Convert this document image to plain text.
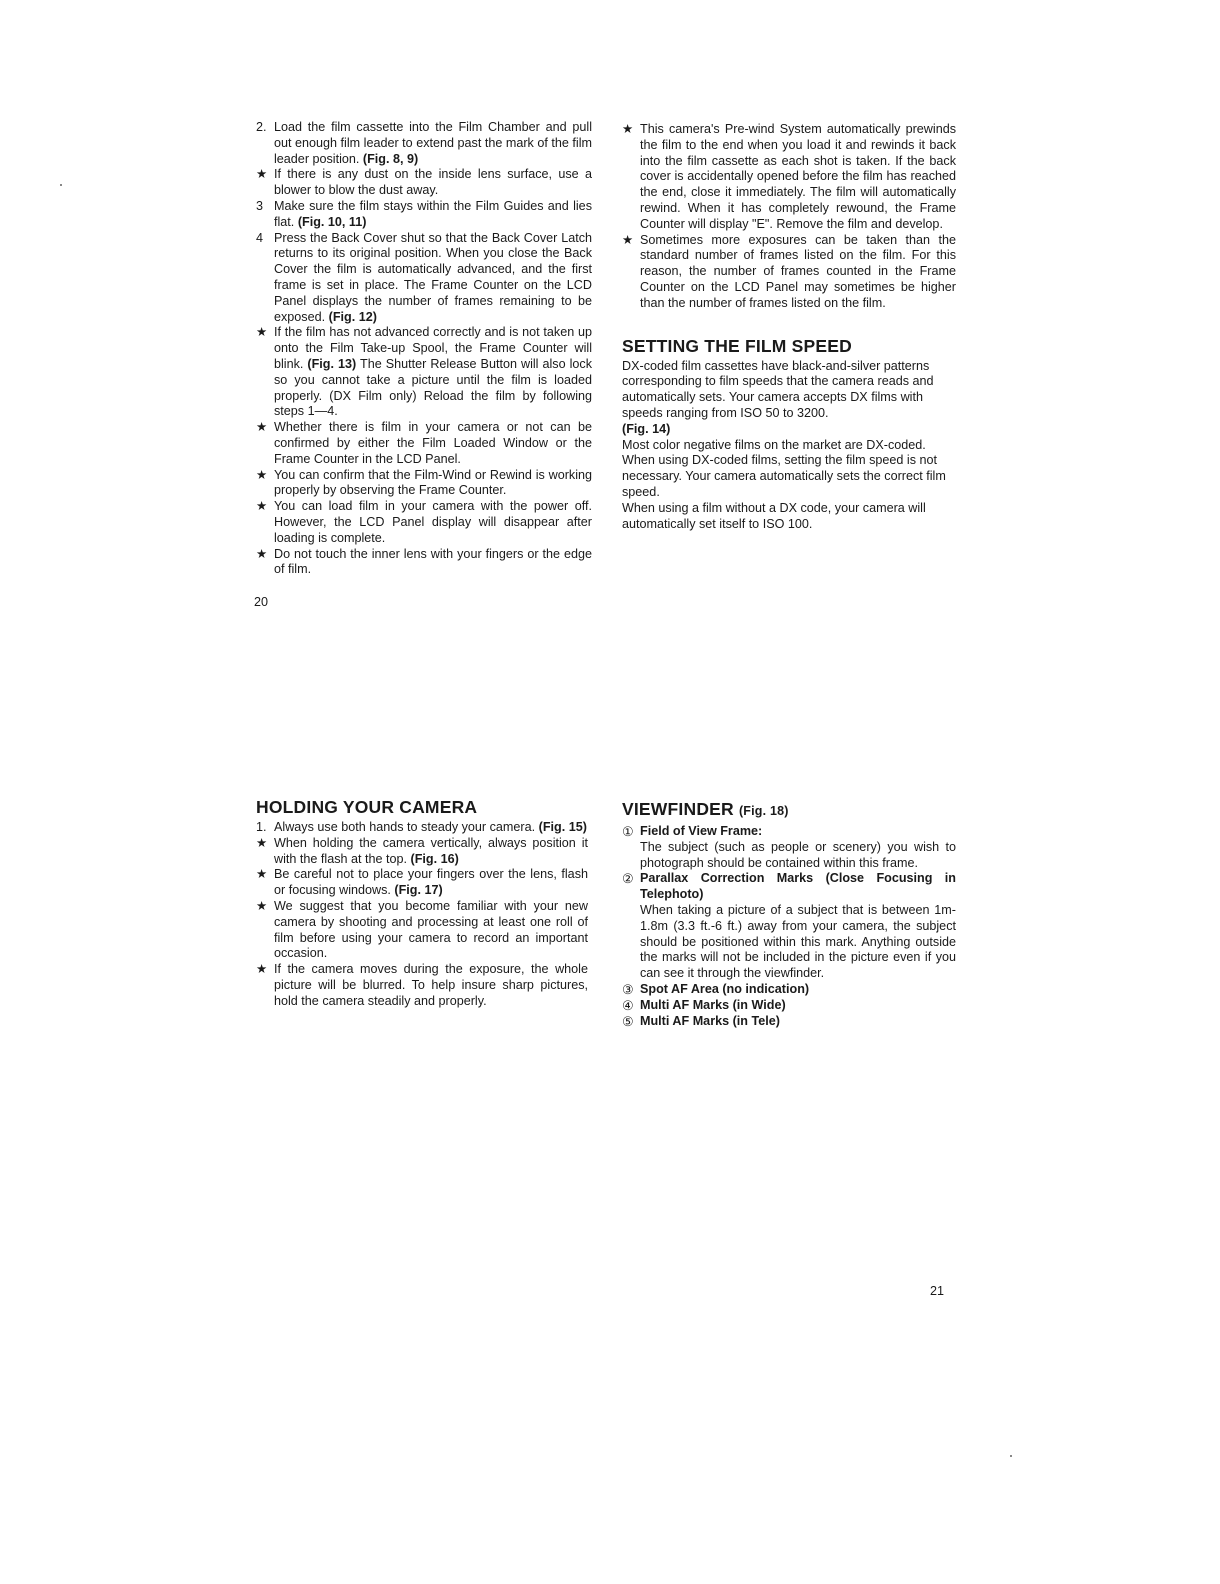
2. Load the film cassette into the Film Chamber and pull out enough film leader to extend past the mark of the film leader position. (Fig. 8, 9)
★ If there is any dust on the inside lens surface, use a blower to blow the dust away.
3 Make sure the film stays within the Film Guides and lies flat. (Fig. 10, 11)
4 Press the Back Cover shut so that the Back Cover Latch returns to its original position. When you close the Back Cover the film is automatically advanced, and the first frame is set in place. The Frame Counter on the LCD Panel displays the number of frames remaining to be exposed. (Fig. 12)
★ If the film has not advanced correctly and is not taken up onto the Film Take-up Spool, the Frame Counter will blink. (Fig. 13) The Shutter Release Button will also lock so you cannot take a picture until the film is loaded properly. (DX Film only) Reload the film by following steps 1—4.
★ Whether there is film in your camera or not can be confirmed by either the Film Loaded Window or the Frame Counter in the LCD Panel.
★ You can confirm that the Film-Wind or Rewind is working properly by observing the Frame Counter.
★ You can load film in your camera with the power off. However, the LCD Panel display will disappear after loading is complete.
★ Do not touch the inner lens with your fingers or the edge of film.
20
★ This camera's Pre-wind System automatically prewinds the film to the end when you load it and rewinds it back into the film cassette as each shot is taken. If the back cover is accidentally opened before the film has reached the end, close it immediately. The film will automatically rewind. When it has completely rewound, the Frame Counter will display "E". Remove the film and develop.
★ Sometimes more exposures can be taken than the standard number of frames listed on the film. For this reason, the number of frames counted in the Frame Counter on the LCD Panel may sometimes be higher than the number of frames listed on the film.
SETTING THE FILM SPEED
DX-coded film cassettes have black-and-silver patterns corresponding to film speeds that the camera reads and automatically sets. Your camera accepts DX films with speeds ranging from ISO 50 to 3200.
(Fig. 14)
Most color negative films on the market are DX-coded. When using DX-coded films, setting the film speed is not necessary. Your camera automatically sets the correct film speed.
When using a film without a DX code, your camera will automatically set itself to ISO 100.
HOLDING YOUR CAMERA
1. Always use both hands to steady your camera. (Fig. 15)
★ When holding the camera vertically, always position it with the flash at the top. (Fig. 16)
★ Be careful not to place your fingers over the lens, flash or focusing windows. (Fig. 17)
★ We suggest that you become familiar with your new camera by shooting and processing at least one roll of film before using your camera to record an important occasion.
★ If the camera moves during the exposure, the whole picture will be blurred. To help insure sharp pictures, hold the camera steadily and properly.
VIEWFINDER (Fig. 18)
① Field of View Frame:
The subject (such as people or scenery) you wish to photograph should be contained within this frame.
② Parallax Correction Marks (Close Focusing in Telephoto)
When taking a picture of a subject that is between 1m-1.8m (3.3 ft.-6 ft.) away from your camera, the subject should be positioned within this mark. Anything outside the marks will not be included in the picture even if you can see it through the viewfinder.
③ Spot AF Area (no indication)
④ Multi AF Marks (in Wide)
⑤ Multi AF Marks (in Tele)
21
